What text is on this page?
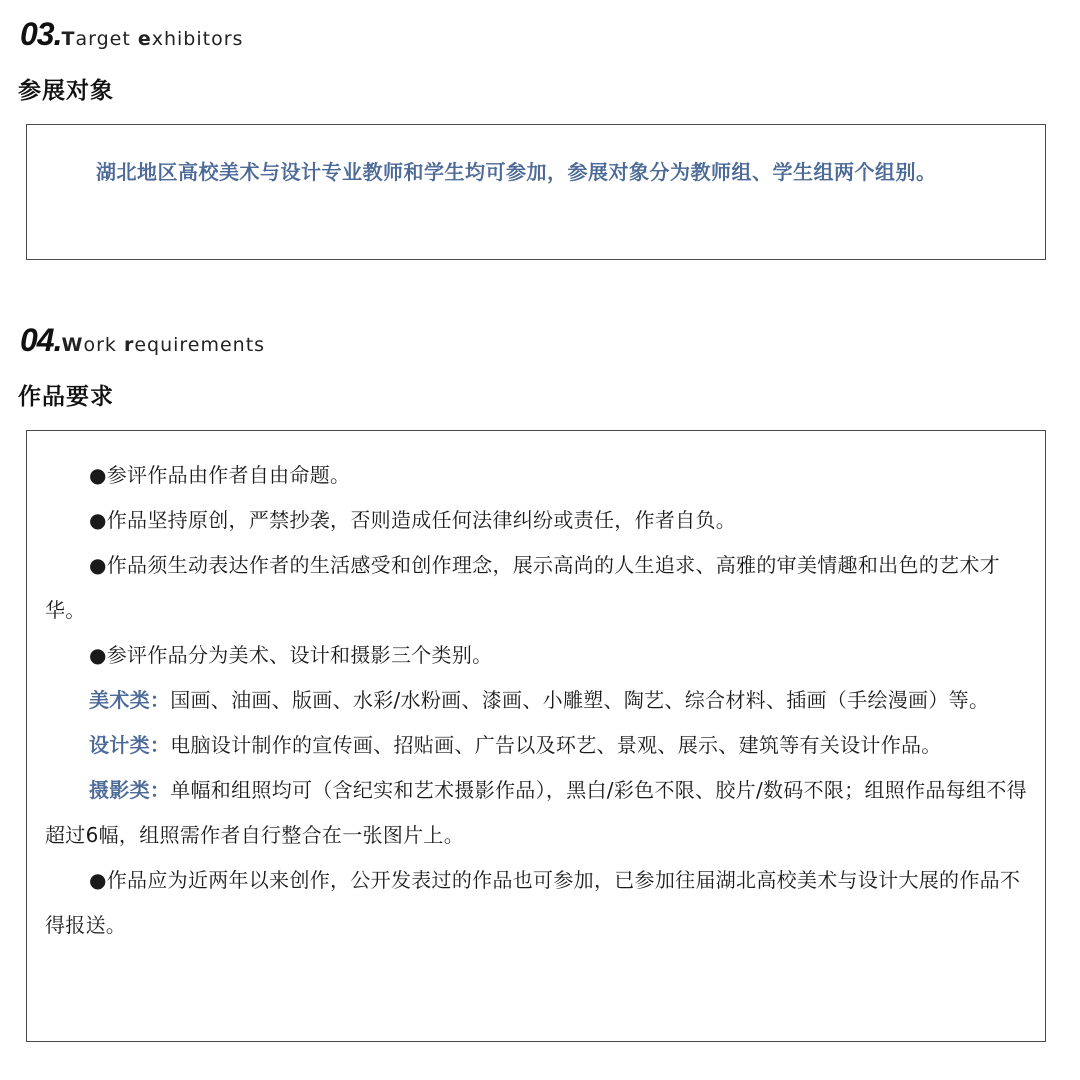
03. Target exhibitors
参展对象

湖北地区高校美术与设计专业教师和学生均可参加，参展对象分为教师组、学生组两个组别。

04. Work requirements
作品要求

●参评作品由作者自由命题。

●作品坚持原创，严禁抄袭，否则造成任何法律纠纷或责任，作者自负。

●作品须生动表达作者的生活感受和创作理念，展示高尚的人生追求、高雅的审美情趣和出色的艺术才华。

●参评作品分为美术、设计和摄影三个类别。

美术类：国画、油画、版画、水彩/水粉画、漆画、小雕塑、陶艺、综合材料、插画（手绘漫画）等。

设计类：电脑设计制作的宣传画、招贴画、广告以及环艺、景观、展示、建筑等有关设计作品。

摄影类：单幅和组照均可（含纪实和艺术摄影作品），黑白/彩色不限、胶片/数码不限；组照作品每组不得超过6幅，组照需作者自行整合在一张图片上。

●作品应为近两年以来创作，公开发表过的作品也可参加，已参加往届湖北高校美术与设计大展的作品不得报送。
